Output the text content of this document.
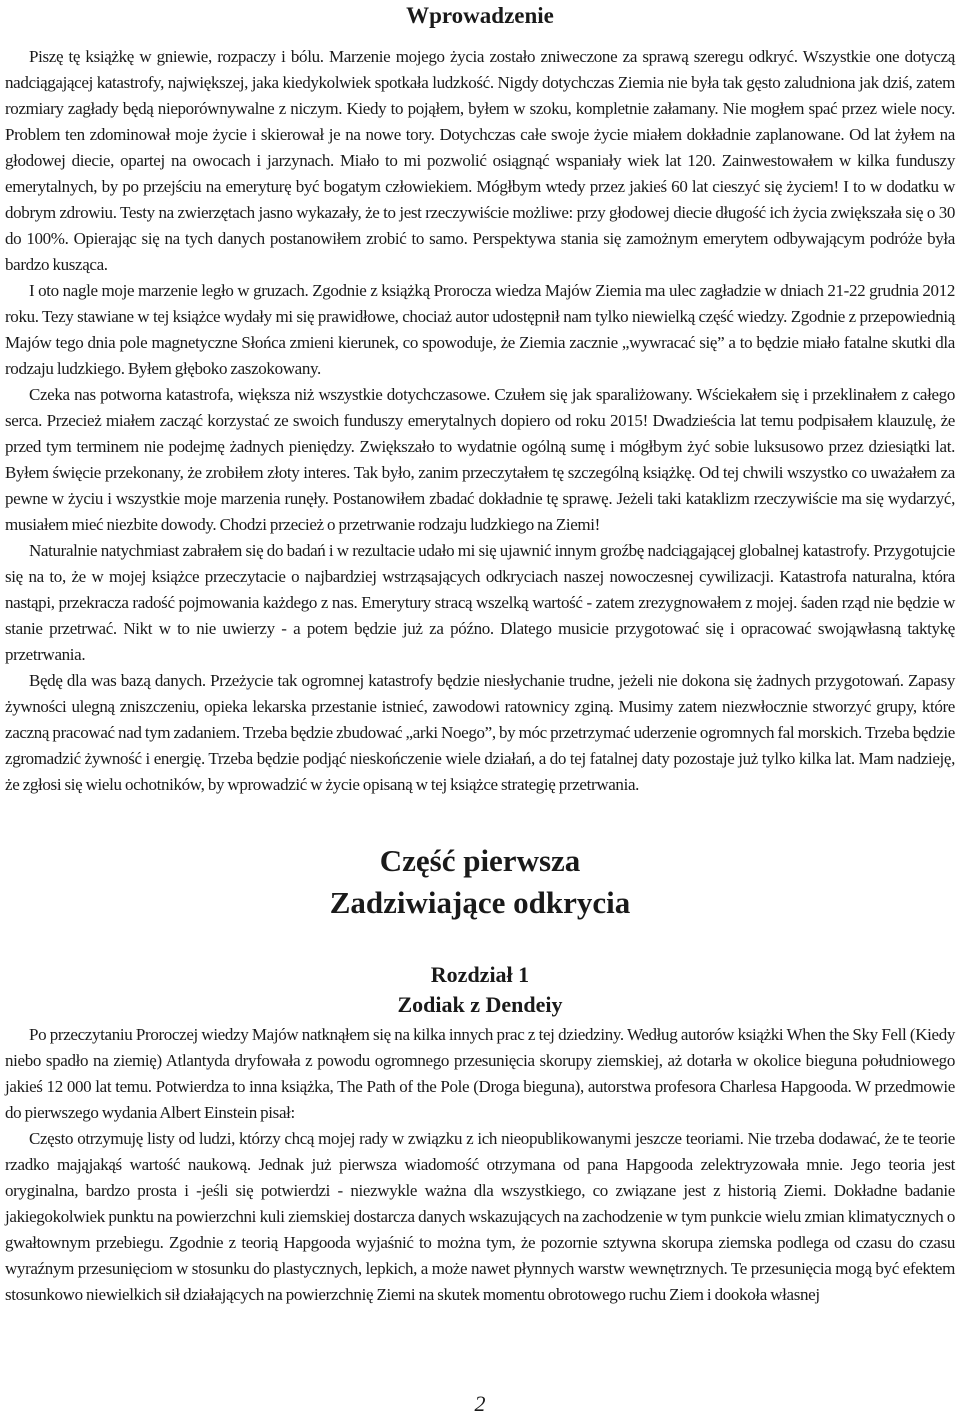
Wprowadzenie

Piszę tę książkę w gniewie, rozpaczy i bólu. Marzenie mojego życia zostało zniweczone za sprawą szeregu odkryć. Wszystkie one dotyczą nadciągającej katastrofy, największej, jaka kiedykolwiek spotkała ludzkość. Nigdy dotychczas Ziemia nie była tak gęsto zaludniona jak dziś, zatem rozmiary zagłady będą nieporównywalne z niczym. Kiedy to pojąłem, byłem w szoku, kompletnie załamany. Nie mogłem spać przez wiele nocy. Problem ten zdominował moje życie i skierował je na nowe tory. Dotychczas całe swoje życie miałem dokładnie zaplanowane. Od lat żyłem na głodowej diecie, opartej na owocach i jarzynach. Miało to mi pozwolić osiągnąć wspaniały wiek lat 120. Zainwestowałem w kilka funduszy emerytalnych, by po przejściu na emeryturę być bogatym człowiekiem. Mógłbym wtedy przez jakieś 60 lat cieszyć się życiem! I to w dodatku w dobrym zdrowiu. Testy na zwierzętach jasno wykazały, że to jest rzeczywiście możliwe: przy głodowej diecie długość ich życia zwiększała się o 30 do 100%. Opierając się na tych danych postanowiłem zrobić to samo. Perspektywa stania się zamożnym emerytem odbywającym podróże była bardzo kusząca.

I oto nagle moje marzenie legło w gruzach. Zgodnie z książką Proroczа wiedza Majów Ziemia ma ulec zagładzie w dniach 21-22 grudnia 2012 roku. Tezy stawiane w tej książce wydały mi się prawidłowe, chociaż autor udostępnił nam tylko niewielką część wiedzy. Zgodnie z przepowiednią Majów tego dnia pole magnetyczne Słońca zmieni kierunek, co spowoduje, że Ziemia zacznie „wywracać się” a to będzie miało fatalne skutki dla rodzaju ludzkiego. Byłem głęboko zaszokowany.

Czeka nas potworna katastrofa, większa niż wszystkie dotychczasowe. Czułem się jak sparaliżowany. Wściekałem się i przeklinałem z całego serca. Przecież miałem zacząć korzystać ze swoich funduszy emerytalnych dopiero od roku 2015! Dwadzieścia lat temu podpisałem klauzulę, że przed tym terminem nie podejmę żadnych pieniędzy. Zwiększało to wydatnie ogólną sumę i mógłbym żyć sobie luksusowo przez dziesiątki lat. Byłem święcie przekonany, że zrobiłem złoty interes. Tak było, zanim przeczytałem tę szczególną książkę. Od tej chwili wszystko co uważałem za pewne w życiu i wszystkie moje marzenia runęły. Postanowiłem zbadać dokładnie tę sprawę. Jeżeli taki kataklizm rzeczywiście ma się wydarzyć, musiałem mieć niezbite dowody. Chodzi przecież o przetrwanie rodzaju ludzkiego na Ziemi!

Naturalnie natychmiast zabrałem się do badań i w rezultacie udało mi się ujawnić innym groźbę nadciągającej globalnej katastrofy. Przygotujcie się na to, że w mojej książce przeczytacie o najbardziej wstrząsających odkryciach naszej nowoczesnej cywilizacji. Katastrofa naturalna, która nastąpi, przekracza radość pojmowania każdego z nas. Emerytury stracą wszelką wartość - zatem zrezygnowałem z mojej. śaden rząd nie będzie w stanie przetrwać. Nikt w to nie uwierzy - a potem będzie już za późno. Dlatego musicie przygotować się i opracować swojąwłasną taktykę przetrwania.

Będę dla was bazą danych. Przeżycie tak ogromnej katastrofy będzie niesłychanie trudne, jeżeli nie dokona się żadnych przygotowań. Zapasy żywności ulegną zniszczeniu, opieka lekarska przestanie istnieć, zawodowi ratownicy zginą. Musimy zatem niezwłocznie stworzyć grupy, które zaczną pracować nad tym zadaniem. Trzeba będzie zbudować „arki Noego”, by móc przetrzymać uderzenie ogromnych fal morskich. Trzeba będzie zgromadzić żywność i energię. Trzeba będzie podjąć nieskończenie wiele działań, a do tej fatalnej daty pozostaje już tylko kilka lat. Mam nadzieję, że zgłosi się wielu ochotników, by wprowadzić w życie opisaną w tej książce strategię przetrwania.

Część pierwsza
Zadziwiające odkrycia
Rozdział 1
Zodiak z Dendeiy

Po przeczytaniu Proroczej wiedzy Majów natknąłem się na kilka innych prac z tej dziedziny. Według autorów książki When the Sky Fell (Kiedy niebo spadło na ziemię) Atlantyda dryfowała z powodu ogromnego przesunięcia skorupy ziemskiej, aż dotarła w okolice bieguna południowego jakieś 12 000 lat temu. Potwierdza to inna książka, The Path of the Pole (Droga bieguna), autorstwa profesora Charlesa Hapgooda. W przedmowie do pierwszego wydania Albert Einstein pisał:

Często otrzymuję listy od ludzi, którzy chcą mojej rady w związku z ich nieopublikowanymi jeszcze teoriami. Nie trzeba dodawać, że te teorie rzadko mająjakąś wartość naukową. Jednak już pierwsza wiadomość otrzymana od pana Hapgooda zelektryzowała mnie. Jego teoria jest oryginalna, bardzo prosta i -jeśli się potwierdzi - niezwykle ważna dla wszystkiego, co związane jest z historią Ziemi. Dokładne badanie jakiegokolwiek punktu na powierzchni kuli ziemskiej dostarcza danych wskazujących na zachodzenie w tym punkcie wielu zmian klimatycznych o gwałtownym przebiegu. Zgodnie z teorią Hapgooda wyjaśnić to można tym, że pozornie sztywna skorupa ziemska podlega od czasu do czasu wyraźnym przesunięciom w stosunku do plastycznych, lepkich, a może nawet płynnych warstw wewnętrznych. Te przesunięcia mogą być efektem stosunkowo niewielkich sił działających na powierzchnię Ziemi na skutek momentu obrotowego ruchu Ziem i dookoła własnej

2
